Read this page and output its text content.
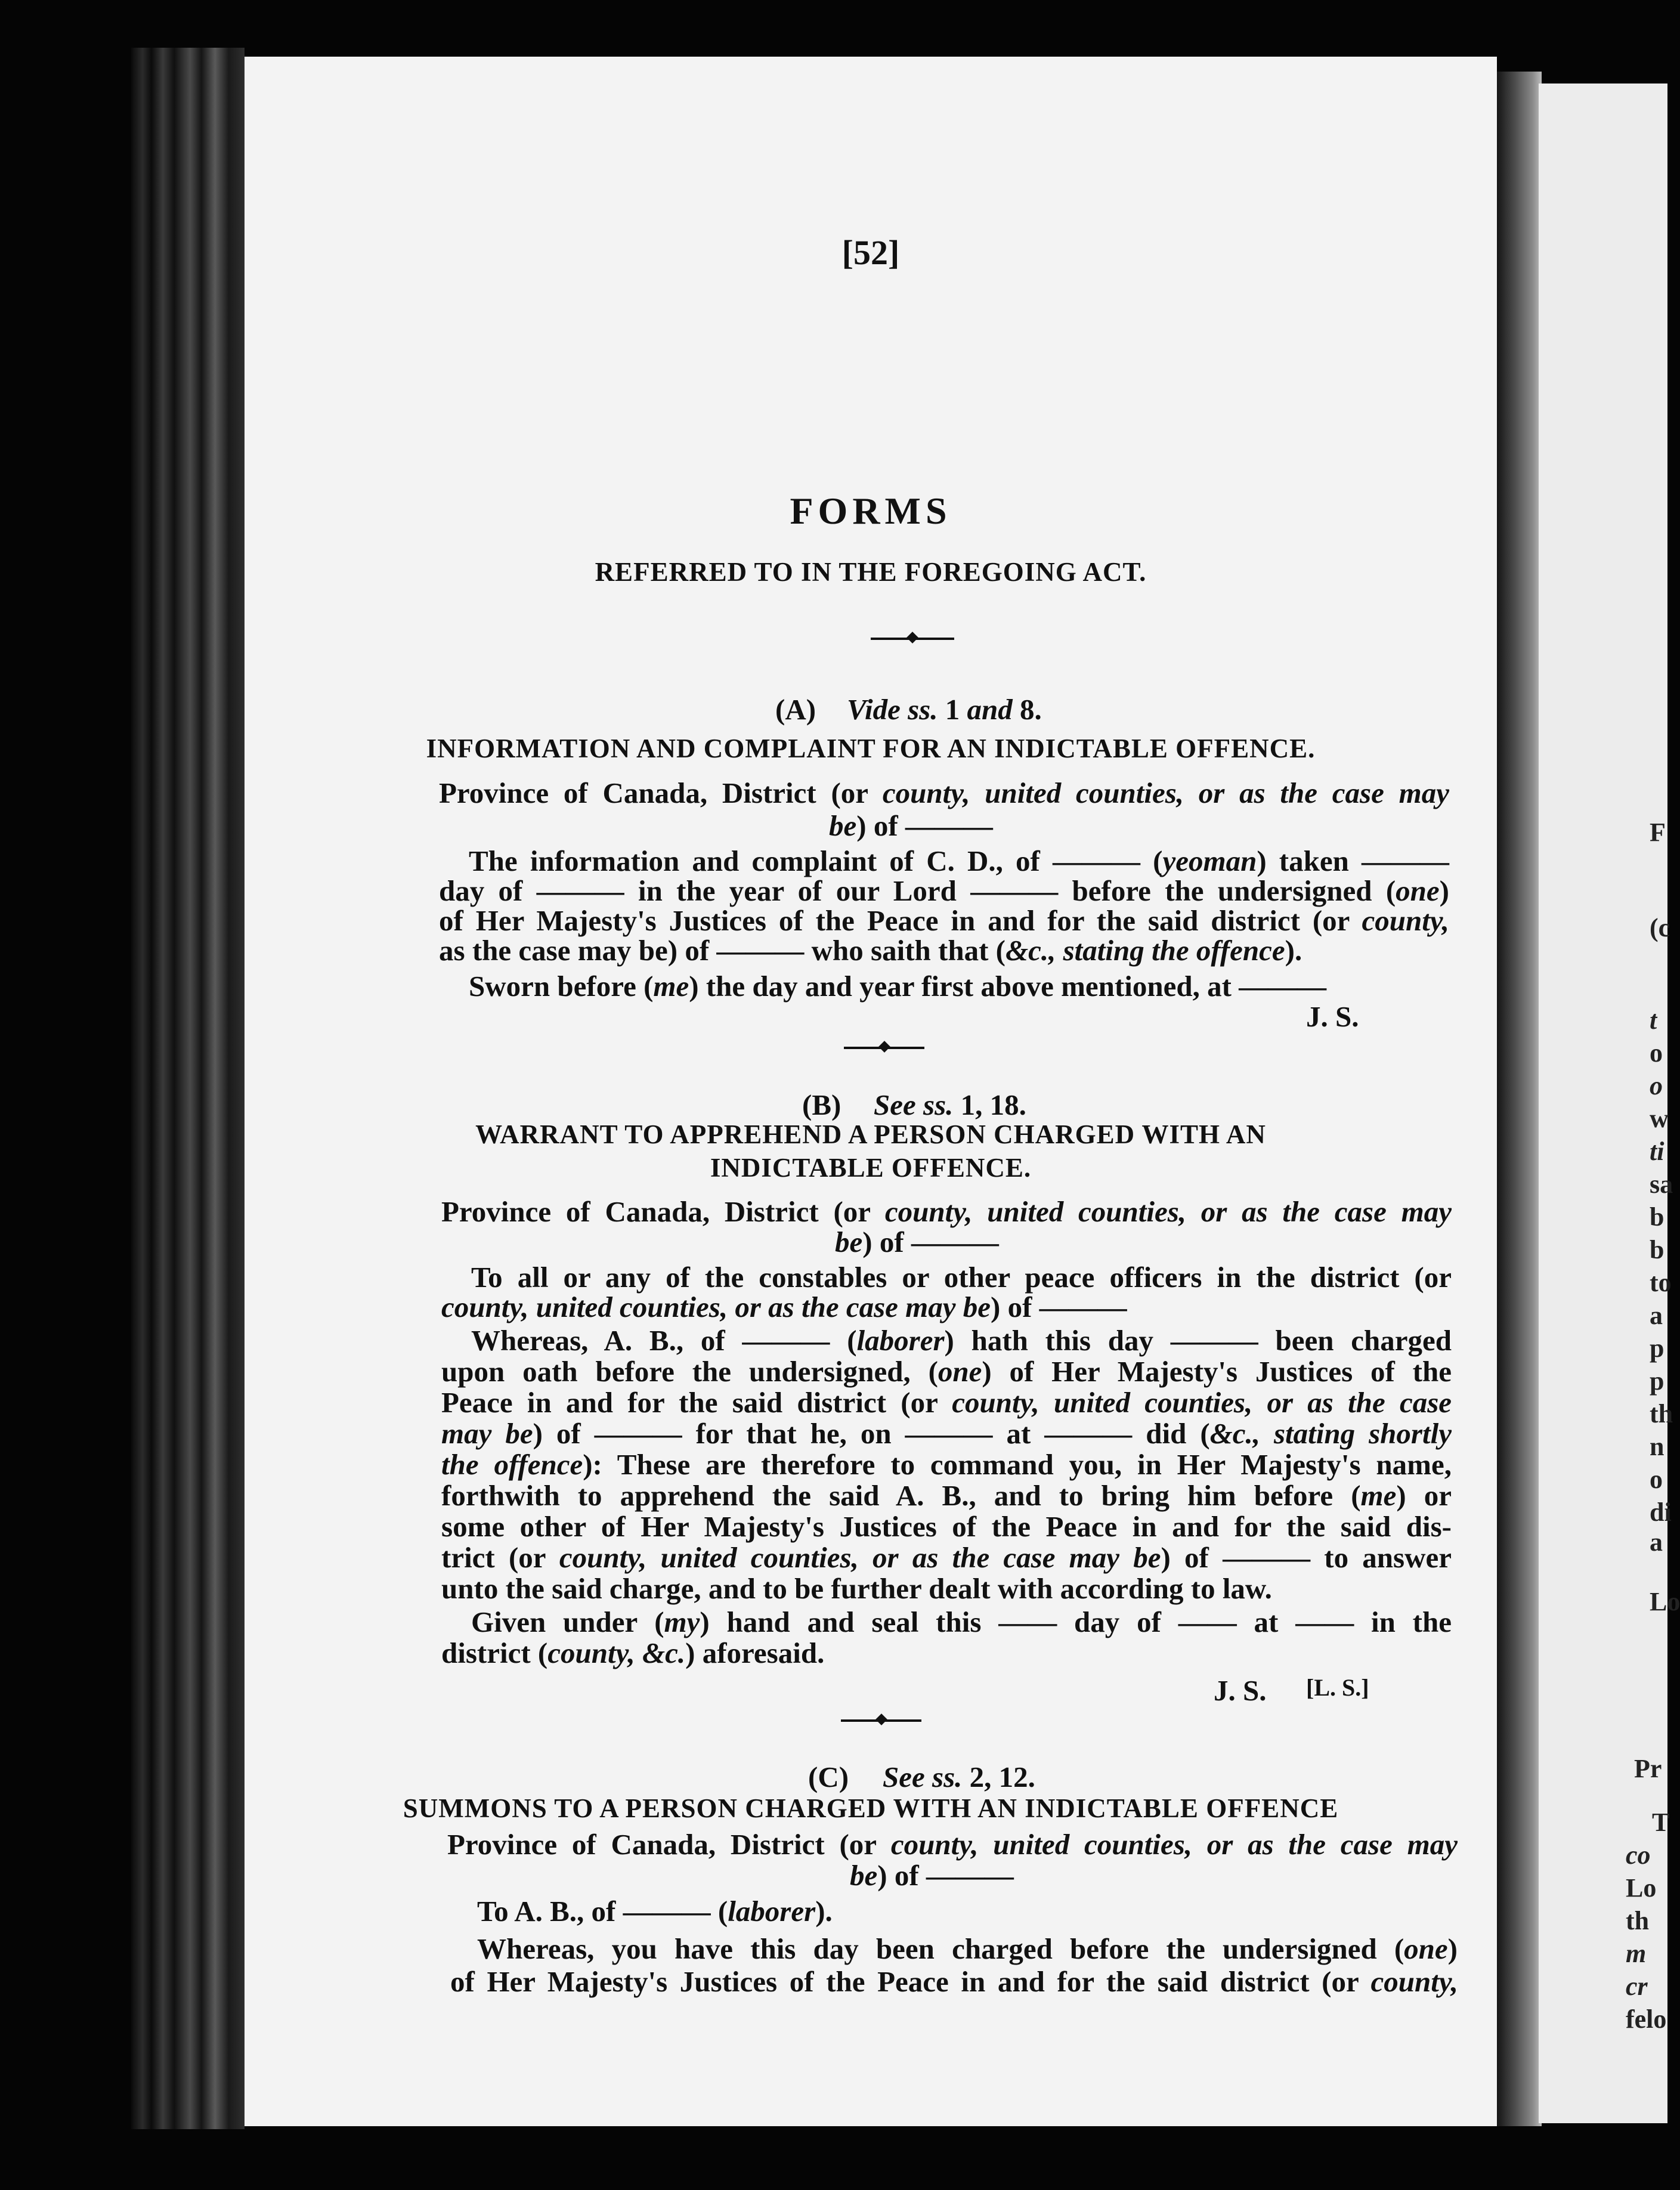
F
(c
t
o
o
w
ti
sa
b
b
to
a
p
p
th
n
o
di
a
Lo
Pr
T
co
Lo
th
m
cr
felo
[52]
FORMS
REFERRED TO IN THE FOREGOING ACT.
(A) Vide ss. 1 and 8.
INFORMATION AND COMPLAINT FOR AN INDICTABLE OFFENCE.
Province of Canada, District (or county, united counties, or as the case may
be) of ———
The information and complaint of C. D., of ——— (yeoman) taken ———
day of ——— in the year of our Lord ——— before the undersigned (one)
of Her Majesty's Justices of the Peace in and for the said district (or county,
as the case may be) of ——— who saith that (&c., stating the offence).
Sworn before (me) the day and year first above mentioned, at ———
J. S.
(B) See ss. 1, 18.
WARRANT TO APPREHEND A PERSON CHARGED WITH AN
INDICTABLE OFFENCE.
Province of Canada, District (or county, united counties, or as the case may
be) of ———
To all or any of the constables or other peace officers in the district (or
county, united counties, or as the case may be) of ———
Whereas, A. B., of ——— (laborer) hath this day ——— been charged
upon oath before the undersigned, (one) of Her Majesty's Justices of the
Peace in and for the said district (or county, united counties, or as the case
may be) of ——— for that he, on ——— at ——— did (&c., stating shortly
the offence): These are therefore to command you, in Her Majesty's name,
forthwith to apprehend the said A. B., and to bring him before (me) or
some other of Her Majesty's Justices of the Peace in and for the said dis-
trict (or county, united counties, or as the case may be) of ——— to answer
unto the said charge, and to be further dealt with according to law.
Given under (my) hand and seal this —— day of —— at —— in the
district (county, &c.) aforesaid.
J. S. [L. S.]
(C) See ss. 2, 12.
SUMMONS TO A PERSON CHARGED WITH AN INDICTABLE OFFENCE
Province of Canada, District (or county, united counties, or as the case may
be) of ———
To A. B., of ——— (laborer).
Whereas, you have this day been charged before the undersigned (one)
of Her Majesty's Justices of the Peace in and for the said district (or county,
